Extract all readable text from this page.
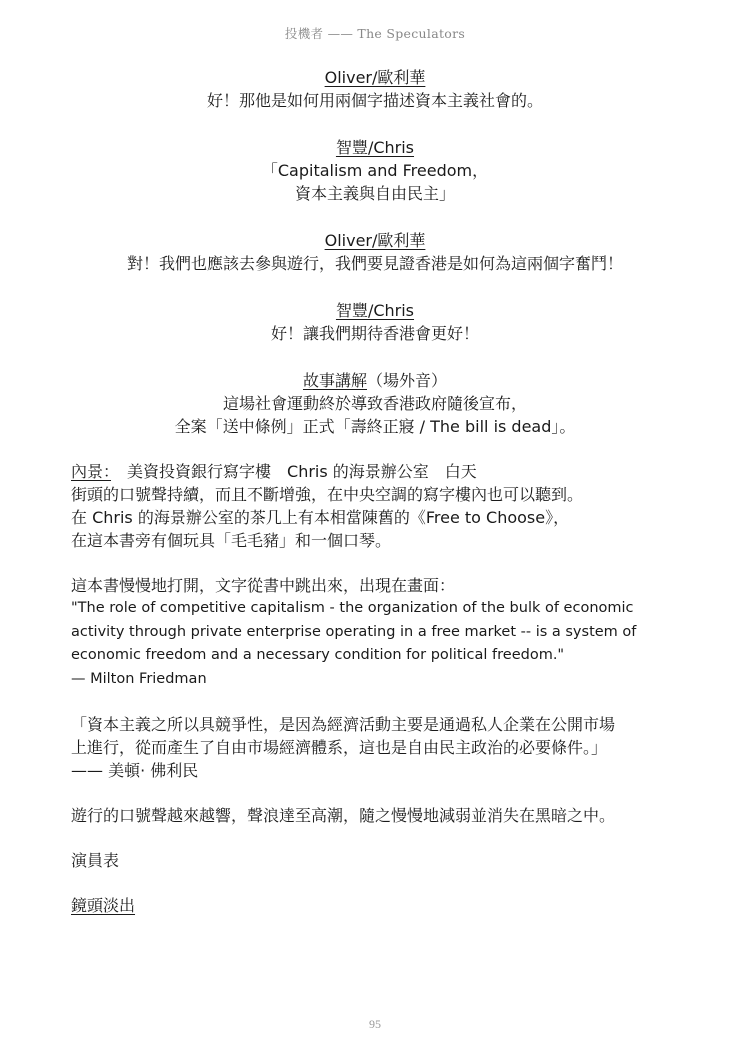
投機者 —— The Speculators
Oliver/歐利華
好！那他是如何用兩個字描述資本主義社會的。
智豐/Chris
「Capitalism and Freedom，
資本主義與自由民主」
Oliver/歐利華
對！我們也應該去參與遊行，我們要見證香港是如何為這兩個字奮鬥！
智豐/Chris
好！讓我們期待香港會更好！
故事講解（場外音）
這場社會運動終於導致香港政府隨後宣布，
全案「送中條例」正式「壽終正寢 / The bill is dead」。
內景：　美資投資銀行寫字樓　Chris 的海景辦公室　白天
街頭的口號聲持續，而且不斷增強，在中央空調的寫字樓內也可以聽到。
在 Chris 的海景辦公室的茶几上有本相當陳舊的《Free to Choose》，
在這本書旁有個玩具「毛毛豬」和一個口琴。
這本書慢慢地打開，文字從書中跳出來，出現在畫面：
"The role of competitive capitalism - the organization of the bulk of economic
activity through private enterprise operating in a free market -- is a system of
economic freedom and a necessary condition for political freedom."
— Milton Friedman
「資本主義之所以具競爭性，是因為經濟活動主要是通過私人企業在公開市場
上進行，從而產生了自由市場經濟體系，這也是自由民主政治的必要條件。」
—— 美頓· 佛利民
遊行的口號聲越來越響，聲浪達至高潮，隨之慢慢地減弱並消失在黑暗之中。
演員表
鏡頭淡出
95
